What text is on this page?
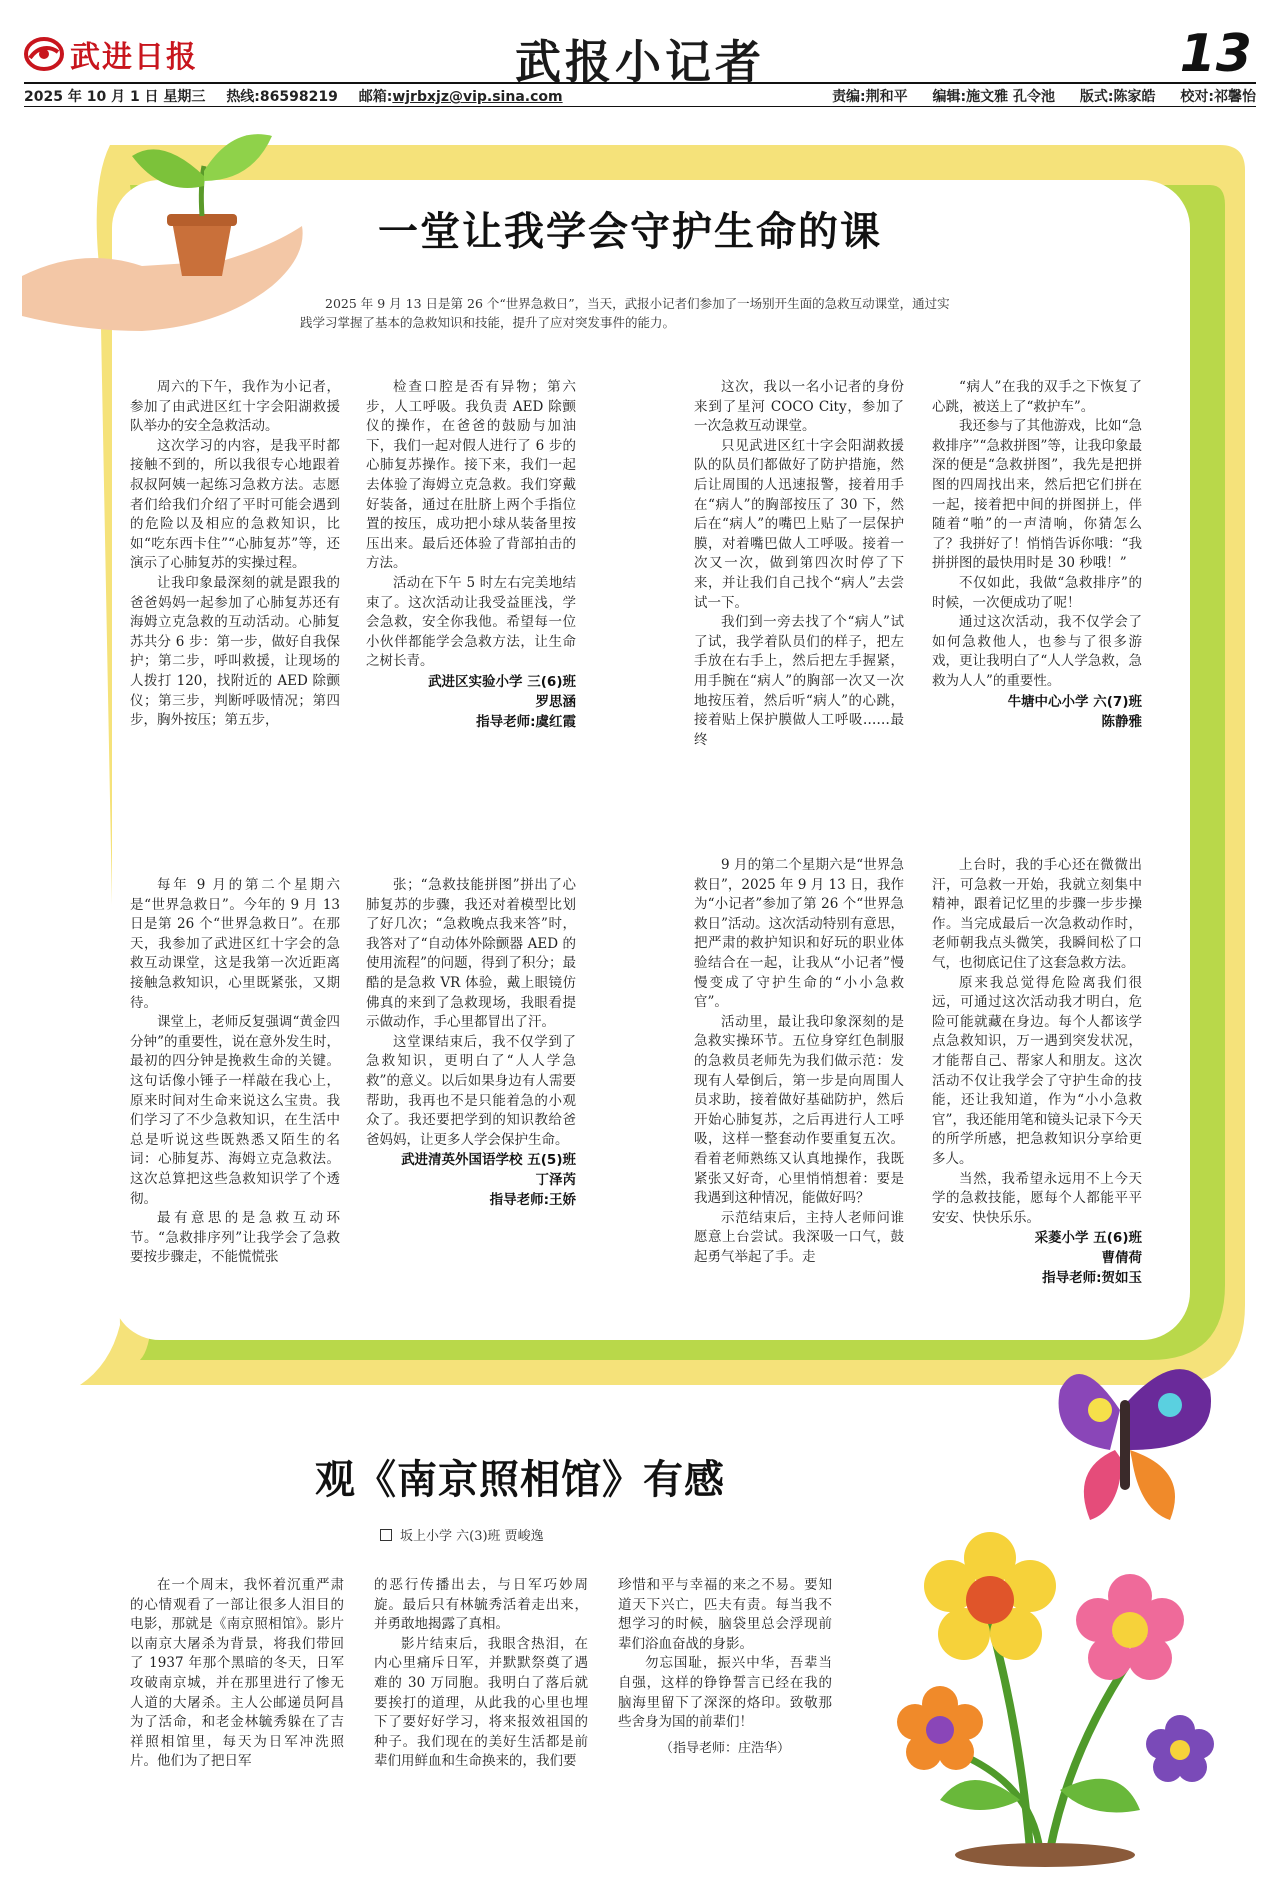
武进日报	武报小记者	13
2025 年 10 月 1 日 星期三 热线:86598219 邮箱:wjrbxjz@vip.sina.com	责编:荆和平 编辑:施文雅 孔令池 版式:陈家皓 校对:祁馨怡
一堂让我学会守护生命的课
2025 年 9 月 13 日是第 26 个“世界急救日”，当天，武报小记者们参加了一场别开生面的急救互动课堂，通过实践学习掌握了基本的急救知识和技能，提升了应对突发事件的能力。

周六的下午，我作为小记者，参加了由武进区红十字会阳湖救援队举办的安全急救活动。

这次学习的内容，是我平时都接触不到的，所以我很专心地跟着叔叔阿姨一起练习急救方法。志愿者们给我们介绍了平时可能会遇到的危险以及相应的急救知识，比如“吃东西卡住”“心肺复苏”等，还演示了心肺复苏的实操过程。

让我印象最深刻的就是跟我的爸爸妈妈一起参加了心肺复苏还有海姆立克急救的互动活动。心肺复苏共分 6 步：第一步，做好自我保护；第二步，呼叫救援，让现场的人拨打 120，找附近的 AED 除颤仪；第三步，判断呼吸情况；第四步，胸外按压；第五步，

检查口腔是否有异物；第六步，人工呼吸。我负责 AED 除颤仪的操作，在爸爸的鼓励与加油下，我们一起对假人进行了 6 步的心肺复苏操作。接下来，我们一起去体验了海姆立克急救。我们穿戴好装备，通过在肚脐上两个手指位置的按压，成功把小球从装备里按压出来。最后还体验了背部拍击的方法。

活动在下午 5 时左右完美地结束了。这次活动让我受益匪浅，学会急救，安全你我他。希望每一位小伙伴都能学会急救方法，让生命之树长青。

武进区实验小学 三(6)班
罗思涵
指导老师:虞红霞

这次，我以一名小记者的身份来到了星河 COCO City，参加了一次急救互动课堂。

只见武进区红十字会阳湖救援队的队员们都做好了防护措施，然后让周围的人迅速报警，接着用手在“病人”的胸部按压了 30 下，然后在“病人”的嘴巴上贴了一层保护膜，对着嘴巴做人工呼吸。接着一次又一次，做到第四次时停了下来，并让我们自己找个“病人”去尝试一下。

我们到一旁去找了个“病人”试了试，我学着队员们的样子，把左手放在右手上，然后把左手握紧，用手腕在“病人”的胸部一次又一次地按压着，然后听“病人”的心跳，接着贴上保护膜做人工呼吸……最终

“病人”在我的双手之下恢复了心跳，被送上了“救护车”。

我还参与了其他游戏，比如“急救排序”“急救拼图”等，让我印象最深的便是“急救拼图”，我先是把拼图的四周找出来，然后把它们拼在一起，接着把中间的拼图拼上，伴随着“啪”的一声清响，你猜怎么了？我拼好了！悄悄告诉你哦：“我拼拼图的最快用时是 30 秒哦！”

不仅如此，我做“急救排序”的时候，一次便成功了呢！

通过这次活动，我不仅学会了如何急救他人，也参与了很多游戏，更让我明白了“人人学急救，急救为人人”的重要性。

牛塘中心小学 六(7)班
陈静雅

每年 9 月的第二个星期六是“世界急救日”。今年的 9 月 13 日是第 26 个“世界急救日”。在那天，我参加了武进区红十字会的急救互动课堂，这是我第一次近距离接触急救知识，心里既紧张，又期待。

课堂上，老师反复强调“黄金四分钟”的重要性，说在意外发生时，最初的四分钟是挽救生命的关键。这句话像小锤子一样敲在我心上，原来时间对生命来说这么宝贵。我们学习了不少急救知识，在生活中总是听说这些既熟悉又陌生的名词：心肺复苏、海姆立克急救法。这次总算把这些急救知识学了个透彻。

最有意思的是急救互动环节。“急救排序列”让我学会了急救要按步骤走，不能慌慌张

张；“急救技能拼图”拼出了心肺复苏的步骤，我还对着模型比划了好几次；“急救晚点我来答”时，我答对了“自动体外除颤器 AED 的使用流程”的问题，得到了积分；最酷的是急救 VR 体验，戴上眼镜仿佛真的来到了急救现场，我眼看提示做动作，手心里都冒出了汗。

这堂课结束后，我不仅学到了急救知识，更明白了“人人学急救”的意义。以后如果身边有人需要帮助，我再也不是只能着急的小观众了。我还要把学到的知识教给爸爸妈妈，让更多人学会保护生命。

武进清英外国语学校 五(5)班
丁泽芮
指导老师:王娇

9 月的第二个星期六是“世界急救日”，2025 年 9 月 13 日，我作为“小记者”参加了第 26 个“世界急救日”活动。这次活动特别有意思，把严肃的救护知识和好玩的职业体验结合在一起，让我从“小记者”慢慢变成了守护生命的“小小急救官”。

活动里，最让我印象深刻的是急救实操环节。五位身穿红色制服的急救员老师先为我们做示范：发现有人晕倒后，第一步是向周围人员求助，接着做好基础防护，然后开始心肺复苏，之后再进行人工呼吸，这样一整套动作要重复五次。看着老师熟练又认真地操作，我既紧张又好奇，心里悄悄想着：要是我遇到这种情况，能做好吗？

示范结束后，主持人老师问谁愿意上台尝试。我深吸一口气，鼓起勇气举起了手。走

上台时，我的手心还在微微出汗，可急救一开始，我就立刻集中精神，跟着记忆里的步骤一步步操作。当完成最后一次急救动作时，老师朝我点头微笑，我瞬间松了口气，也彻底记住了这套急救方法。

原来我总觉得危险离我们很远，可通过这次活动我才明白，危险可能就藏在身边。每个人都该学点急救知识，万一遇到突发状况，才能帮自己、帮家人和朋友。这次活动不仅让我学会了守护生命的技能，还让我知道，作为“小小急救官”，我还能用笔和镜头记录下今天的所学所感，把急救知识分享给更多人。

当然，我希望永远用不上今天学的急救技能，愿每个人都能平平安安、快快乐乐。

采菱小学 五(6)班
曹倩荷
指导老师:贺如玉
观《南京照相馆》有感
坂上小学 六(3)班 贾峻逸

在一个周末，我怀着沉重严肃的心情观看了一部让很多人泪目的电影，那就是《南京照相馆》。影片以南京大屠杀为背景，将我们带回了 1937 年那个黑暗的冬天，日军攻破南京城，并在那里进行了惨无人道的大屠杀。主人公邮递员阿昌为了活命，和老金林毓秀躲在了吉祥照相馆里，每天为日军冲洗照片。他们为了把日军

的恶行传播出去，与日军巧妙周旋。最后只有林毓秀活着走出来，并勇敢地揭露了真相。

影片结束后，我眼含热泪，在内心里痛斥日军，并默默祭奠了遇难的 30 万同胞。我明白了落后就要挨打的道理，从此我的心里也埋下了要好好学习，将来报效祖国的种子。我们现在的美好生活都是前辈们用鲜血和生命换来的，我们要

珍惜和平与幸福的来之不易。要知道天下兴亡，匹夫有责。每当我不想学习的时候，脑袋里总会浮现前辈们浴血奋战的身影。

勿忘国耻，振兴中华，吾辈当自强，这样的铮铮誓言已经在我的脑海里留下了深深的烙印。致敬那些舍身为国的前辈们！

（指导老师：庄浩华）
